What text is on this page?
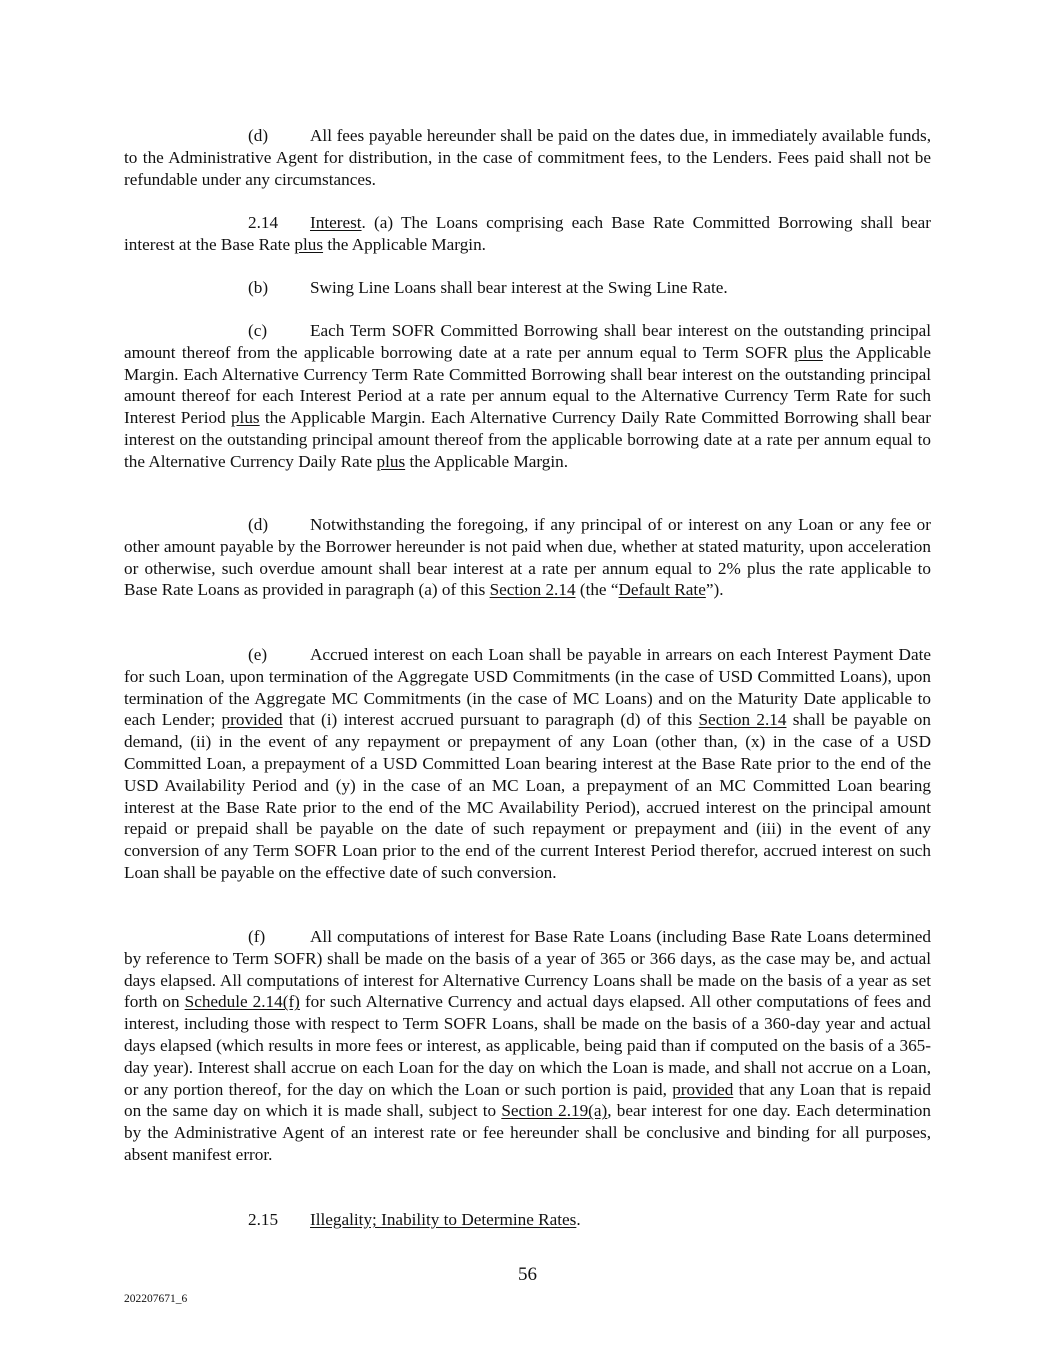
(d) All fees payable hereunder shall be paid on the dates due, in immediately available funds, to the Administrative Agent for distribution, in the case of commitment fees, to the Lenders. Fees paid shall not be refundable under any circumstances.

2.14 Interest. (a) The Loans comprising each Base Rate Committed Borrowing shall bear interest at the Base Rate plus the Applicable Margin.

(b) Swing Line Loans shall bear interest at the Swing Line Rate.

(c) Each Term SOFR Committed Borrowing shall bear interest on the outstanding principal amount thereof from the applicable borrowing date at a rate per annum equal to Term SOFR plus the Applicable Margin. Each Alternative Currency Term Rate Committed Borrowing shall bear interest on the outstanding principal amount thereof for each Interest Period at a rate per annum equal to the Alternative Currency Term Rate for such Interest Period plus the Applicable Margin. Each Alternative Currency Daily Rate Committed Borrowing shall bear interest on the outstanding principal amount thereof from the applicable borrowing date at a rate per annum equal to the Alternative Currency Daily Rate plus the Applicable Margin.

(d) Notwithstanding the foregoing, if any principal of or interest on any Loan or any fee or other amount payable by the Borrower hereunder is not paid when due, whether at stated maturity, upon acceleration or otherwise, such overdue amount shall bear interest at a rate per annum equal to 2% plus the rate applicable to Base Rate Loans as provided in paragraph (a) of this Section 2.14 (the “Default Rate”).

(e) Accrued interest on each Loan shall be payable in arrears on each Interest Payment Date for such Loan, upon termination of the Aggregate USD Commitments (in the case of USD Committed Loans), upon termination of the Aggregate MC Commitments (in the case of MC Loans) and on the Maturity Date applicable to each Lender; provided that (i) interest accrued pursuant to paragraph (d) of this Section 2.14 shall be payable on demand, (ii) in the event of any repayment or prepayment of any Loan (other than, (x) in the case of a USD Committed Loan, a prepayment of a USD Committed Loan bearing interest at the Base Rate prior to the end of the USD Availability Period and (y) in the case of an MC Loan, a prepayment of an MC Committed Loan bearing interest at the Base Rate prior to the end of the MC Availability Period), accrued interest on the principal amount repaid or prepaid shall be payable on the date of such repayment or prepayment and (iii) in the event of any conversion of any Term SOFR Loan prior to the end of the current Interest Period therefor, accrued interest on such Loan shall be payable on the effective date of such conversion.

(f)	All computations of interest for Base Rate Loans (including Base Rate Loans determined by reference to Term SOFR) shall be made on the basis of a year of 365 or 366 days, as the case may be, and actual days elapsed. All computations of interest for Alternative Currency Loans shall be made on the basis of a year as set forth on Schedule 2.14(f) for such Alternative Currency and actual days elapsed. All other computations of fees and interest, including those with respect to Term SOFR Loans, shall be made on the basis of a 360-day year and actual days elapsed (which results in more fees or interest, as applicable, being paid than if computed on the basis of a 365-day year). Interest shall accrue on each Loan for the day on which the Loan is made, and shall not accrue on a Loan, or any portion thereof, for the day on which the Loan or such portion is paid, provided that any Loan that is repaid on the same day on which it is made shall, subject to Section 2.19(a), bear interest for one day. Each determination by the Administrative Agent of an interest rate or fee hereunder shall be conclusive and binding for all purposes, absent manifest error.

2.15 Illegality; Inability to Determine Rates.

56

202207671_6
